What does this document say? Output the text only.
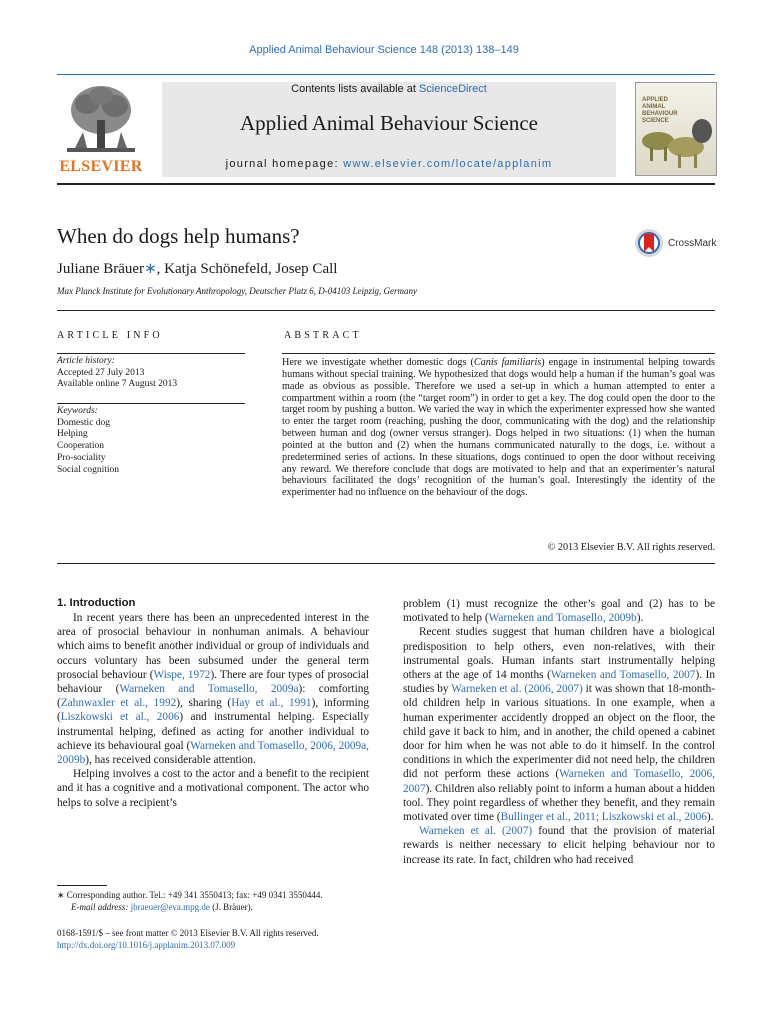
Applied Animal Behaviour Science 148 (2013) 138–149
ELSEVIER
Contents lists available at ScienceDirect
Applied Animal Behaviour Science
journal homepage: www.elsevier.com/locate/applanim
APPLIED ANIMAL BEHAVIOUR SCIENCE
When do dogs help humans?	CrossMark
Juliane Bräuer∗, Katja Schönefeld, Josep Call
Max Planck Institute for Evolutionary Anthropology, Deutscher Platz 6, D-04103 Leipzig, Germany
ARTICLE INFO	ABSTRACT
Article history:
Accepted 27 July 2013
Available online 7 August 2013
Keywords:
Domestic dog
Helping
Cooperation
Pro-sociality
Social cognition

Here we investigate whether domestic dogs (Canis familiaris) engage in instrumental helping towards humans without special training. We hypothesized that dogs would help a human if the human’s goal was made as obvious as possible. Therefore we used a set-up in which a human attempted to enter a compartment within a room (the “target room”) in order to get a key. The dog could open the door to the target room by pushing a button. We varied the way in which the experimenter expressed how she wanted to enter the target room (reaching, pushing the door, communicating with the dog) and the relationship between human and dog (owner versus stranger). Dogs helped in two situations: (1) when the human pointed at the button and (2) when the humans communicated naturally to the dogs, i.e. without a predetermined series of actions. In these situations, dogs continued to open the door without receiving any reward. We therefore conclude that dogs are motivated to help and that an experimenter’s natural behaviours facilitated the dogs’ recognition of the human’s goal. Interestingly the identity of the experimenter had no influence on the behaviour of the dogs.

© 2013 Elsevier B.V. All rights reserved.
1. Introduction

In recent years there has been an unprecedented interest in the area of prosocial behaviour in nonhuman animals. A behaviour which aims to benefit another individual or group of individuals and occurs voluntary has been subsumed under the general term prosocial behaviour (Wispe, 1972). There are four types of prosocial behaviour (Warneken and Tomasello, 2009a): comforting (Zahnwaxler et al., 1992), sharing (Hay et al., 1991), informing (Liszkowski et al., 2006) and instrumental helping. Especially instrumental helping, defined as acting for another individual to achieve its behavioural goal (Warneken and Tomasello, 2006, 2009a, 2009b), has received considerable attention.

Helping involves a cost to the actor and a benefit to the recipient and it has a cognitive and a motivational component. The actor who helps to solve a recipient’s

problem (1) must recognize the other’s goal and (2) has to be motivated to help (Warneken and Tomasello, 2009b).

Recent studies suggest that human children have a biological predisposition to help others, even non-relatives, with their instrumental goals. Human infants start instrumentally helping others at the age of 14 months (Warneken and Tomasello, 2007). In studies by Warneken et al. (2006, 2007) it was shown that 18-month-old children help in various situations. In one example, when a human experimenter accidently dropped an object on the floor, the child gave it back to him, and in another, the child opened a cabinet door for him when he was not able to do it himself. In the control conditions in which the experimenter did not need help, the children did not perform these actions (Warneken and Tomasello, 2006, 2007). Children also reliably point to inform a human about a hidden tool. They point regardless of whether they benefit, and they remain motivated over time (Bullinger et al., 2011; Liszkowski et al., 2006).

Warneken et al. (2007) found that the provision of material rewards is neither necessary to elicit helping behaviour nor to increase its rate. In fact, children who had received

∗ Corresponding author. Tel.: +49 341 3550413; fax: +49 0341 3550444.
E-mail address: jbraeuer@eva.mpg.de (J. Bräuer).
0168-1591/$ – see front matter © 2013 Elsevier B.V. All rights reserved.
http://dx.doi.org/10.1016/j.applanim.2013.07.009
